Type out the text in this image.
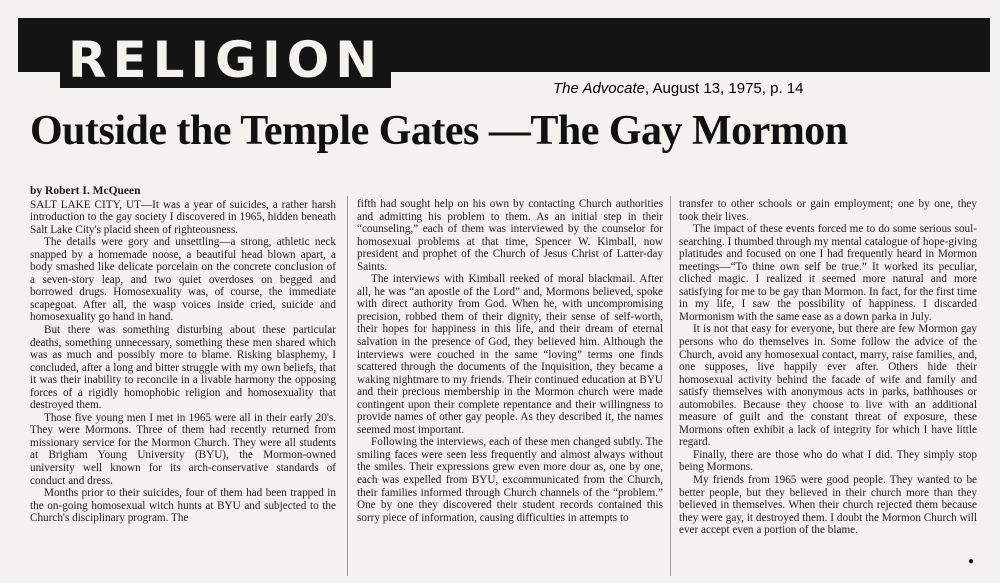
RELIGION	The Advocate, August 13, 1975, p. 14
Outside the Temple Gates —The Gay Mormon
by Robert I. McQueen

SALT LAKE CITY, UT—It was a year of suicides, a rather harsh introduction to the gay society I discovered in 1965, hidden beneath Salt Lake City's placid sheen of righteousness.

The details were gory and unsettling—a strong, athletic neck snapped by a homemade noose, a beautiful head blown apart, a body smashed like delicate porcelain on the concrete conclusion of a seven-story leap, and two quiet overdoses on begged and borrowed drugs. Homosexuality was, of course, the immediate scapegoat. After all, the wasp voices inside cried, suicide and homosexuality go hand in hand.

But there was something disturbing about these particular deaths, something unnecessary, something these men shared which was as much and possibly more to blame. Risking blasphemy, I concluded, after a long and bitter struggle with my own beliefs, that it was their inability to reconcile in a livable harmony the opposing forces of a rigidly homophobic religion and homosexuality that destroyed them.

Those five young men I met in 1965 were all in their early 20's. They were Mormons. Three of them had recently returned from missionary service for the Mormon Church. They were all students at Brigham Young University (BYU), the Mormon-owned university well known for its arch-conservative standards of conduct and dress.

Months prior to their suicides, four of them had been trapped in the on-going homosexual witch hunts at BYU and subjected to the Church's disciplinary program. The

fifth had sought help on his own by contacting Church authorities and admitting his problem to them. As an initial step in their “counseling,” each of them was interviewed by the counselor for homosexual problems at that time, Spencer W. Kimball, now president and prophet of the Church of Jesus Christ of Latter-day Saints.

The interviews with Kimball reeked of moral blackmail. After all, he was “an apostle of the Lord” and, Mormons believed, spoke with direct authority from God. When he, with uncompromising precision, robbed them of their dignity, their sense of self-worth, their hopes for happiness in this life, and their dream of eternal salvation in the presence of God, they believed him. Although the interviews were couched in the same “loving” terms one finds scattered through the documents of the Inquisition, they became a waking nightmare to my friends. Their continued education at BYU and their precious membership in the Mormon church were made contingent upon their complete repentance and their willingness to provide names of other gay people. As they described it, the names seemed most important.

Following the interviews, each of these men changed subtly. The smiling faces were seen less frequently and almost always without the smiles. Their expressions grew even more dour as, one by one, each was expelled from BYU, excommunicated from the Church, their families informed through Church channels of the “problem.” One by one they discovered their student records contained this sorry piece of information, causing difficulties in attempts to

transfer to other schools or gain employment; one by one, they took their lives.

The impact of these events forced me to do some serious soul-searching. I thumbed through my mental catalogue of hope-giving platitudes and focused on one I had frequently heard in Mormon meetings—“To thine own self be true.” It worked its peculiar, cliched magic. I realized it seemed more natural and more satisfying for me to be gay than Mormon. In fact, for the first time in my life, I saw the possibility of happiness. I discarded Mormonism with the same ease as a down parka in July.

It is not that easy for everyone, but there are few Mormon gay persons who do themselves in. Some follow the advice of the Church, avoid any homosexual contact, marry, raise families, and, one supposes, live happily ever after. Others hide their homosexual activity behind the facade of wife and family and satisfy themselves with anonymous acts in parks, bathhouses or automobiles. Because they choose to live with an additional measure of guilt and the constant threat of exposure, these Mormons often exhibit a lack of integrity for which I have little regard.

Finally, there are those who do what I did. They simply stop being Mormons.

My friends from 1965 were good people. They wanted to be better people, but they believed in their church more than they believed in themselves. When their church rejected them because they were gay, it destroyed them. I doubt the Mormon Church will ever accept even a portion of the blame.

●
